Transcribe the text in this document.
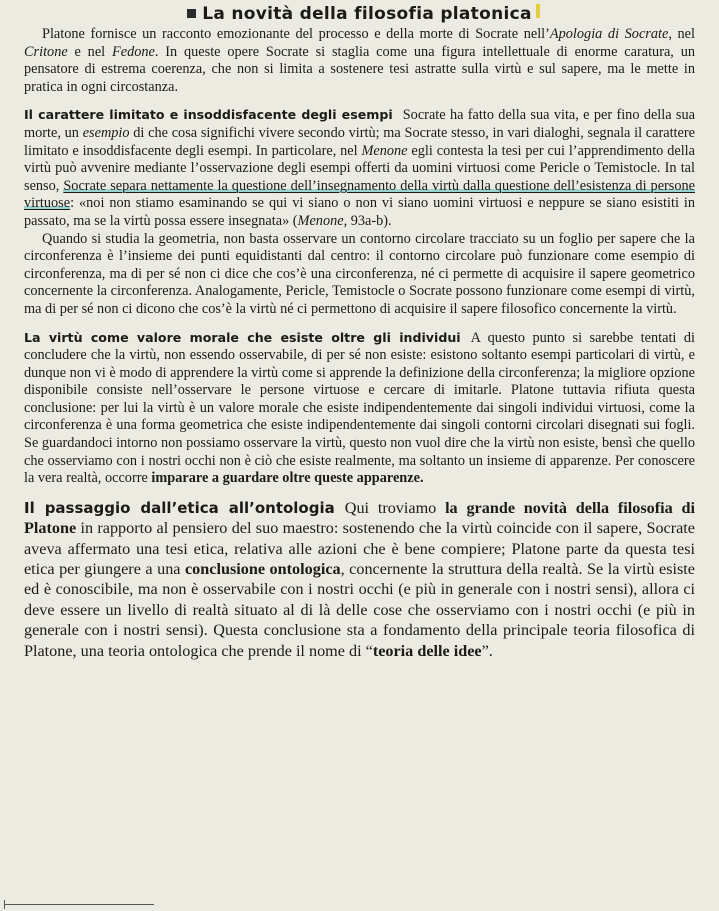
La novità della filosofia platonica

Platone fornisce un racconto emozionante del processo e della morte di Socrate nell’Apologia di Socrate, nel Critone e nel Fedone. In queste opere Socrate si staglia come una figura intellettuale di enorme caratura, un pensatore di estrema coerenza, che non si limita a sostenere tesi astratte sulla virtù e sul sapere, ma le mette in pratica in ogni circostanza.

Il carattere limitato e insoddisfacente degli esempi Socrate ha fatto della sua vita, e per fino della sua morte, un esempio di che cosa significhi vivere secondo virtù; ma Socrate stesso, in vari dialoghi, segnala il carattere limitato e insoddisfacente degli esempi. In particolare, nel Menone egli contesta la tesi per cui l’apprendimento della virtù può avvenire mediante l’osservazione degli esempi offerti da uomini virtuosi come Pericle o Temistocle. In tal senso, Socrate separa nettamente la questione dell’insegnamento della virtù dalla questione dell’esistenza di persone virtuose: «noi non stiamo esaminando se qui vi siano o non vi siano uomini virtuosi e neppure se siano esistiti in passato, ma se la virtù possa essere insegnata» (Menone, 93a-b).

Quando si studia la geometria, non basta osservare un contorno circolare tracciato su un foglio per sapere che la circonferenza è l’insieme dei punti equidistanti dal centro: il contorno circolare può funzionare come esempio di circonferenza, ma di per sé non ci dice che cos’è una circonferenza, né ci permette di acquisire il sapere geometrico concernente la circonferenza. Analogamente, Pericle, Temistocle o Socrate possono funzionare come esempi di virtù, ma di per sé non ci dicono che cos’è la virtù né ci permettono di acquisire il sapere filosofico concernente la virtù.

La virtù come valore morale che esiste oltre gli individui A questo punto si sarebbe tentati di concludere che la virtù, non essendo osservabile, di per sé non esiste: esistono soltanto esempi particolari di virtù, e dunque non vi è modo di apprendere la virtù come si apprende la definizione della circonferenza; la migliore opzione disponibile consiste nell’osservare le persone virtuose e cercare di imitarle. Platone tuttavia rifiuta questa conclusione: per lui la virtù è un valore morale che esiste indipendentemente dai singoli individui virtuosi, come la circonferenza è una forma geometrica che esiste indipendentemente dai singoli contorni circolari disegnati sui fogli. Se guardandoci intorno non possiamo osservare la virtù, questo non vuol dire che la virtù non esiste, bensì che quello che osserviamo con i nostri occhi non è ciò che esiste realmente, ma soltanto un insieme di apparenze. Per conoscere la vera realtà, occorre imparare a guardare oltre queste apparenze.

Il passaggio dall’etica all’ontologia Qui troviamo la grande novità della filosofia di Platone in rapporto al pensiero del suo maestro: sostenendo che la virtù coincide con il sapere, Socrate aveva affermato una tesi etica, relativa alle azioni che è bene compiere; Platone parte da questa tesi etica per giungere a una conclusione ontologica, concernente la struttura della realtà. Se la virtù esiste ed è conoscibile, ma non è osservabile con i nostri occhi (e più in generale con i nostri sensi), allora ci deve essere un livello di realtà situato al di là delle cose che osserviamo con i nostri occhi (e più in generale con i nostri sensi). Questa conclusione sta a fondamento della principale teoria filosofica di Platone, una teoria ontologica che prende il nome di “teoria delle idee”.
